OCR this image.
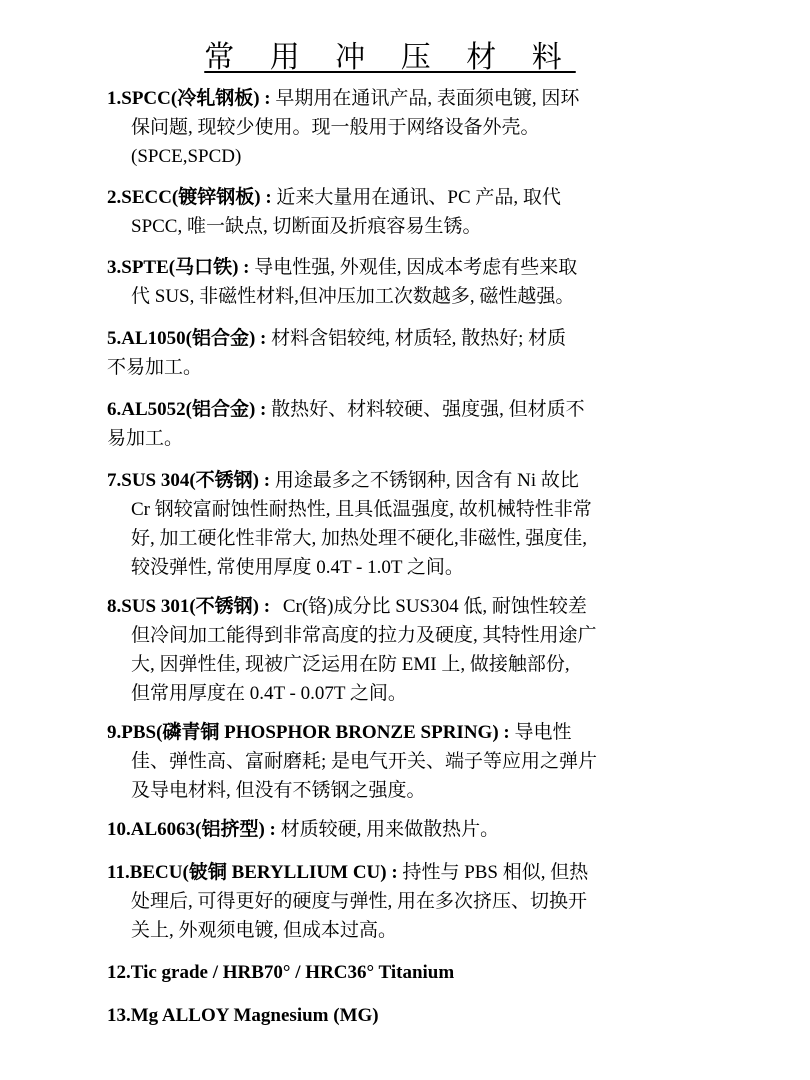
常 用 冲 压 材 料
1.SPCC(冷轧钢板) : 早期用在通讯产品, 表面须电镀, 因环
保问题, 现较少使用。现一般用于网络设备外壳。
(SPCE,SPCD)
2.SECC(镀锌钢板) : 近来大量用在通讯、PC 产品, 取代
SPCC, 唯一缺点, 切断面及折痕容易生锈。
3.SPTE(马口铁) : 导电性强, 外观佳, 因成本考虑有些来取
代 SUS, 非磁性材料,但冲压加工次数越多, 磁性越强。
5.AL1050(铝合金) : 材料含铝较纯, 材质轻, 散热好; 材质
不易加工。
6.AL5052(铝合金) : 散热好、材料较硬、强度强, 但材质不
易加工。
7.SUS 304(不锈钢) : 用途最多之不锈钢种, 因含有 Ni 故比
Cr 钢较富耐蚀性耐热性, 且具低温强度, 故机械特性非常
好, 加工硬化性非常大, 加热处理不硬化,非磁性, 强度佳,
较没弹性, 常使用厚度 0.4T - 1.0T 之间。
8.SUS 301(不锈钢) : Cr(铬)成分比 SUS304 低, 耐蚀性较差
但冷间加工能得到非常高度的拉力及硬度, 其特性用途广
大, 因弹性佳, 现被广泛运用在防 EMI 上, 做接触部份,
但常用厚度在 0.4T - 0.07T 之间。
9.PBS(磷青铜 PHOSPHOR BRONZE SPRING) : 导电性
佳、弹性高、富耐磨耗; 是电气开关、端子等应用之弹片
及导电材料, 但没有不锈钢之强度。
10.AL6063(铝挤型) : 材质较硬, 用来做散热片。
11.BECU(铍铜 BERYLLIUM CU) : 持性与 PBS 相似, 但热
处理后, 可得更好的硬度与弹性, 用在多次挤压、切换开
关上, 外观须电镀, 但成本过高。
12.Tic grade / HRB70° / HRC36° Titanium
13.Mg ALLOY Magnesium (MG)
